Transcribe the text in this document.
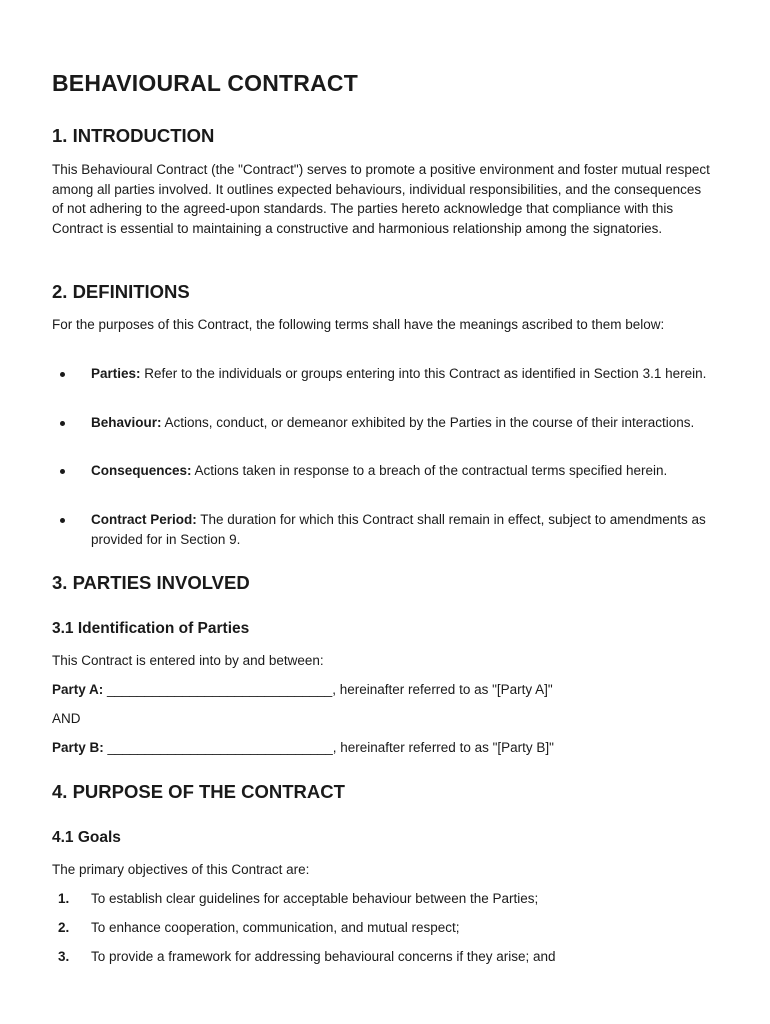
BEHAVIOURAL CONTRACT
1. INTRODUCTION

This Behavioural Contract (the "Contract") serves to promote a positive environment and foster mutual respect among all parties involved. It outlines expected behaviours, individual responsibilities, and the consequences of not adhering to the agreed-upon standards. The parties hereto acknowledge that compliance with this Contract is essential to maintaining a constructive and harmonious relationship among the signatories.

2. DEFINITIONS

For the purposes of this Contract, the following terms shall have the meanings ascribed to them below:

Parties: Refer to the individuals or groups entering into this Contract as identified in Section 3.1 herein.
Behaviour: Actions, conduct, or demeanor exhibited by the Parties in the course of their interactions.
Consequences: Actions taken in response to a breach of the contractual terms specified herein.
Contract Period: The duration for which this Contract shall remain in effect, subject to amendments as provided for in Section 9.
3. PARTIES INVOLVED
3.1 Identification of Parties

This Contract is entered into by and between:

Party A: ______________________________, hereinafter referred to as "[Party A]"

AND

Party B: ______________________________, hereinafter referred to as "[Party B]"

4. PURPOSE OF THE CONTRACT
4.1 Goals

The primary objectives of this Contract are:

1. To establish clear guidelines for acceptable behaviour between the Parties;
2. To enhance cooperation, communication, and mutual respect;
3. To provide a framework for addressing behavioural concerns if they arise; and
